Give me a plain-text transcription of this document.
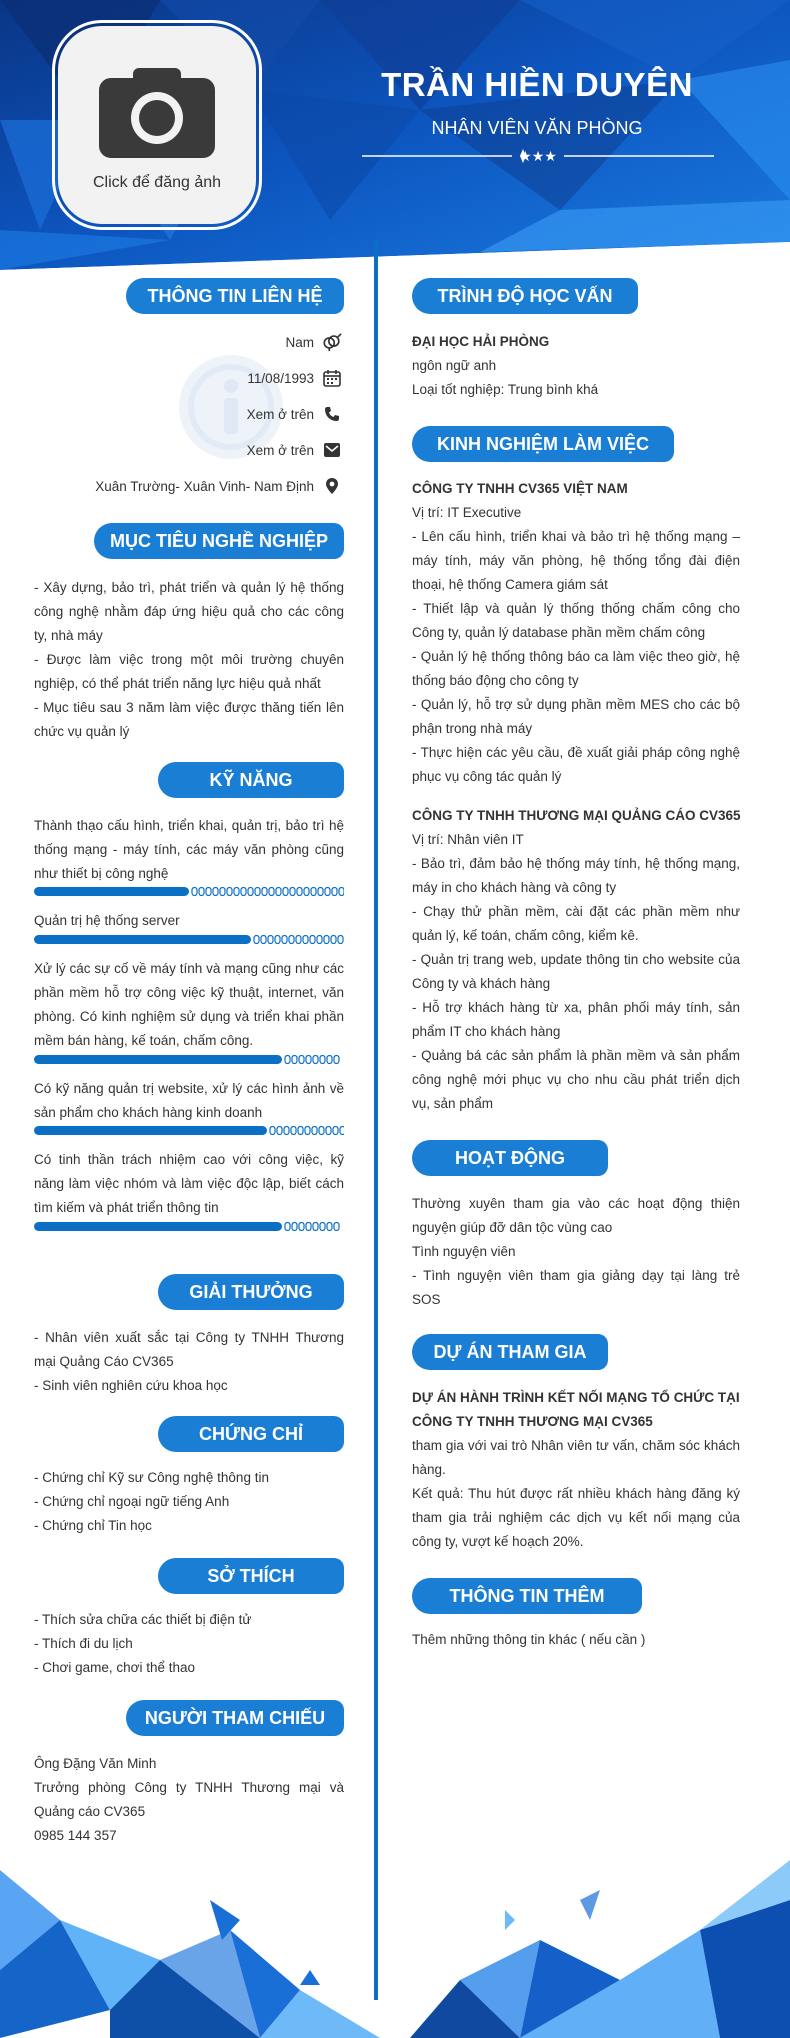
Click để đăng ảnh
TRẦN HIỀN DUYÊN
NHÂN VIÊN VĂN PHÒNG
★★★
THÔNG TIN LIÊN HỆ
Nam
11/08/1993
Xem ở trên
Xem ở trên
Xuân Trường- Xuân Vinh- Nam Định
MỤC TIÊU NGHỀ NGHIỆP
- Xây dựng, bảo trì, phát triển và quản lý hệ thống công nghệ nhằm đáp ứng hiệu quả cho các công ty, nhà máy
- Được làm việc trong một môi trường chuyên nghiệp, có thể phát triển năng lực hiệu quả nhất
- Mục tiêu sau 3 năm làm việc được thăng tiến lên chức vụ quản lý
KỸ NĂNG
Thành thạo cấu hình, triển khai, quản trị, bảo trì hệ thống mạng - máy tính, các máy văn phòng cũng như thiết bị công nghệ
Quản trị hệ thống server
Xử lý các sự cố về máy tính và mạng cũng như các phần mềm hỗ trợ công việc kỹ thuật, internet, văn phòng. Có kinh nghiệm sử dụng và triển khai phần mềm bán hàng, kế toán, chấm công.
Có kỹ năng quản trị website, xử lý các hình ảnh về sản phẩm cho khách hàng kinh doanh
Có tinh thần trách nhiệm cao với công việc, kỹ năng làm việc nhóm và làm việc độc lập, biết cách tìm kiếm và phát triển thông tin
GIẢI THƯỞNG
- Nhân viên xuất sắc tại Công ty TNHH Thương mại Quảng Cáo CV365
- Sinh viên nghiên cứu khoa học
CHỨNG CHỈ
- Chứng chỉ Kỹ sư Công nghệ thông tin
- Chứng chỉ ngoại ngữ tiếng Anh
- Chứng chỉ Tin học
SỞ THÍCH
- Thích sửa chữa các thiết bị điện tử
- Thích đi du lịch
- Chơi game, chơi thể thao
NGƯỜI THAM CHIẾU
Ông Đặng Văn Minh
Trưởng phòng Công ty TNHH Thương mại và Quảng cáo CV365
0985 144 357
TRÌNH ĐỘ HỌC VẤN
ĐẠI HỌC HẢI PHÒNG
ngôn ngữ anh
Loại tốt nghiệp: Trung bình khá
KINH NGHIỆM LÀM VIỆC
CÔNG TY TNHH CV365 VIỆT NAM
Vị trí: IT Executive
- Lên cấu hình, triển khai và bảo trì hệ thống mạng – máy tính, máy văn phòng, hệ thống tổng đài điện thoại, hệ thống Camera giám sát
- Thiết lập và quản lý thống thống chấm công cho Công ty, quản lý database phần mềm chấm công
- Quản lý hệ thống thông báo ca làm việc theo giờ, hệ thống báo động cho công ty
- Quản lý, hỗ trợ sử dụng phần mềm MES cho các bộ phận trong nhà máy
- Thực hiện các yêu cầu, đề xuất giải pháp công nghệ phục vụ công tác quản lý
CÔNG TY TNHH THƯƠNG MẠI QUẢNG CÁO CV365
Vị trí: Nhân viên IT
- Bảo trì, đảm bảo hệ thống máy tính, hệ thống mạng, máy in cho khách hàng và công ty
- Chạy thử phần mềm, cài đặt các phần mềm như quản lý, kế toán, chấm công, kiểm kê.
- Quản trị trang web, update thông tin cho website của Công ty và khách hàng
- Hỗ trợ khách hàng từ xa, phân phối máy tính, sản phẩm IT cho khách hàng
- Quảng bá các sản phẩm là phần mềm và sản phẩm công nghệ mới phục vụ cho nhu cầu phát triển dịch vụ, sản phẩm
HOẠT ĐỘNG
Thường xuyên tham gia vào các hoạt động thiện nguyện giúp đỡ dân tộc vùng cao
Tình nguyện viên
- Tình nguyện viên tham gia giảng dạy tại làng trẻ SOS
DỰ ÁN THAM GIA
DỰ ÁN HÀNH TRÌNH KẾT NỐI MẠNG TỔ CHỨC TẠI CÔNG TY TNHH THƯƠNG MẠI CV365
tham gia với vai trò Nhân viên tư vấn, chăm sóc khách hàng.
Kết quả: Thu hút được rất nhiều khách hàng đăng ký tham gia trải nghiệm các dịch vụ kết nối mạng của công ty, vượt kế hoạch 20%.
THÔNG TIN THÊM
Thêm những thông tin khác ( nếu cần )
